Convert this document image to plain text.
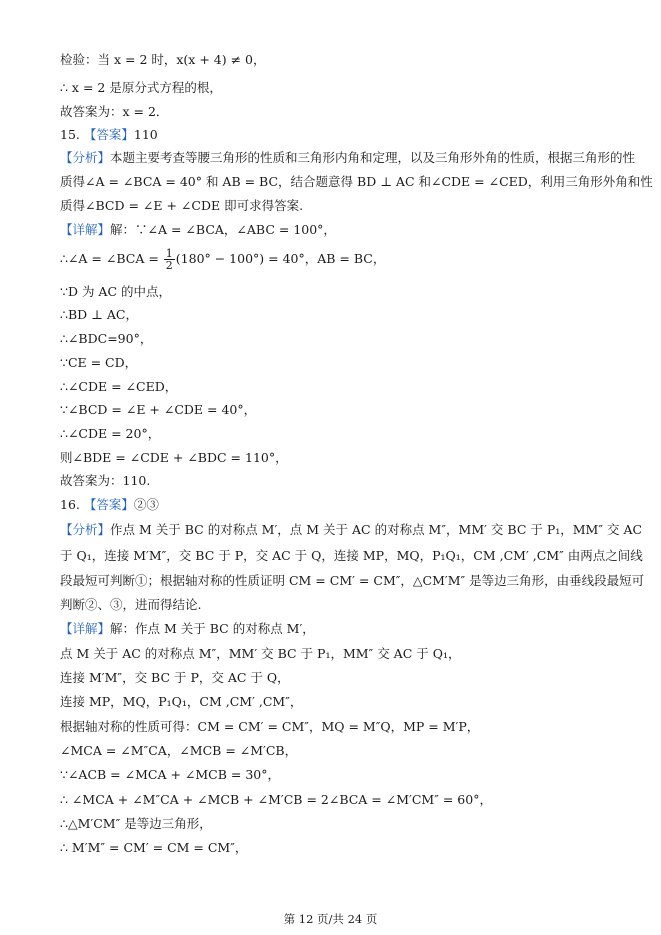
检验：当 x = 2 时，x(x + 4) ≠ 0，
∴ x = 2 是原分式方程的根，
故答案为：x = 2．
15. 【答案】110
【分析】本题主要考查等腰三角形的性质和三角形内角和定理，以及三角形外角的性质，根据三角形的性
质得∠A = ∠BCA = 40° 和 AB = BC，结合题意得 BD ⊥ AC 和∠CDE = ∠CED，利用三角形外角和性
质得∠BCD = ∠E + ∠CDE 即可求得答案.
【详解】解：∵∠A = ∠BCA，∠ABC = 100°，
∴∠A = ∠BCA = $\frac{1}{2} (180^\circ - 100^\circ) = 40^\circ$，AB = BC，
∵D 为 AC 的中点，
∴BD ⊥ AC，
∴∠BDC=90°，
∵CE = CD，
∴∠CDE = ∠CED，
∵∠BCD = ∠E + ∠CDE = 40°，
∴∠CDE = 20°，
则∠BDE = ∠CDE + ∠BDC = 110°，
故答案为：110.
16. 【答案】②③
【分析】作点 M 关于 BC 的对称点 M′，点 M 关于 AC 的对称点 M″，MM′ 交 BC 于 P₁，MM″ 交 AC
于 Q₁，连接 M′M″，交 BC 于 P，交 AC 于 Q，连接 MP，MQ，P₁Q₁，CM ,CM′ ,CM″ 由两点之间线
段最短可判断①；根据轴对称的性质证明 CM = CM′ = CM″，△CM′M″ 是等边三角形，由垂线段最短可
判断②、③，进而得结论.
【详解】解：作点 M 关于 BC 的对称点 M′，
点 M 关于 AC 的对称点 M″，MM′ 交 BC 于 P₁，MM″ 交 AC 于 Q₁，
连接 M′M″，交 BC 于 P，交 AC 于 Q，
连接 MP，MQ，P₁Q₁，CM ,CM′ ,CM″，
根据轴对称的性质可得：CM = CM′ = CM″，MQ = M″Q，MP = M′P，
∠MCA = ∠M″CA，∠MCB = ∠M′CB，
∵∠ACB = ∠MCA + ∠MCB = 30°，
∴ ∠MCA + ∠M″CA + ∠MCB + ∠M′CB = 2∠BCA = ∠M′CM″ = 60°，
∴△M′CM″ 是等边三角形，
∴ M′M″ = CM′ = CM = CM″，
第 12 页/共 24 页
